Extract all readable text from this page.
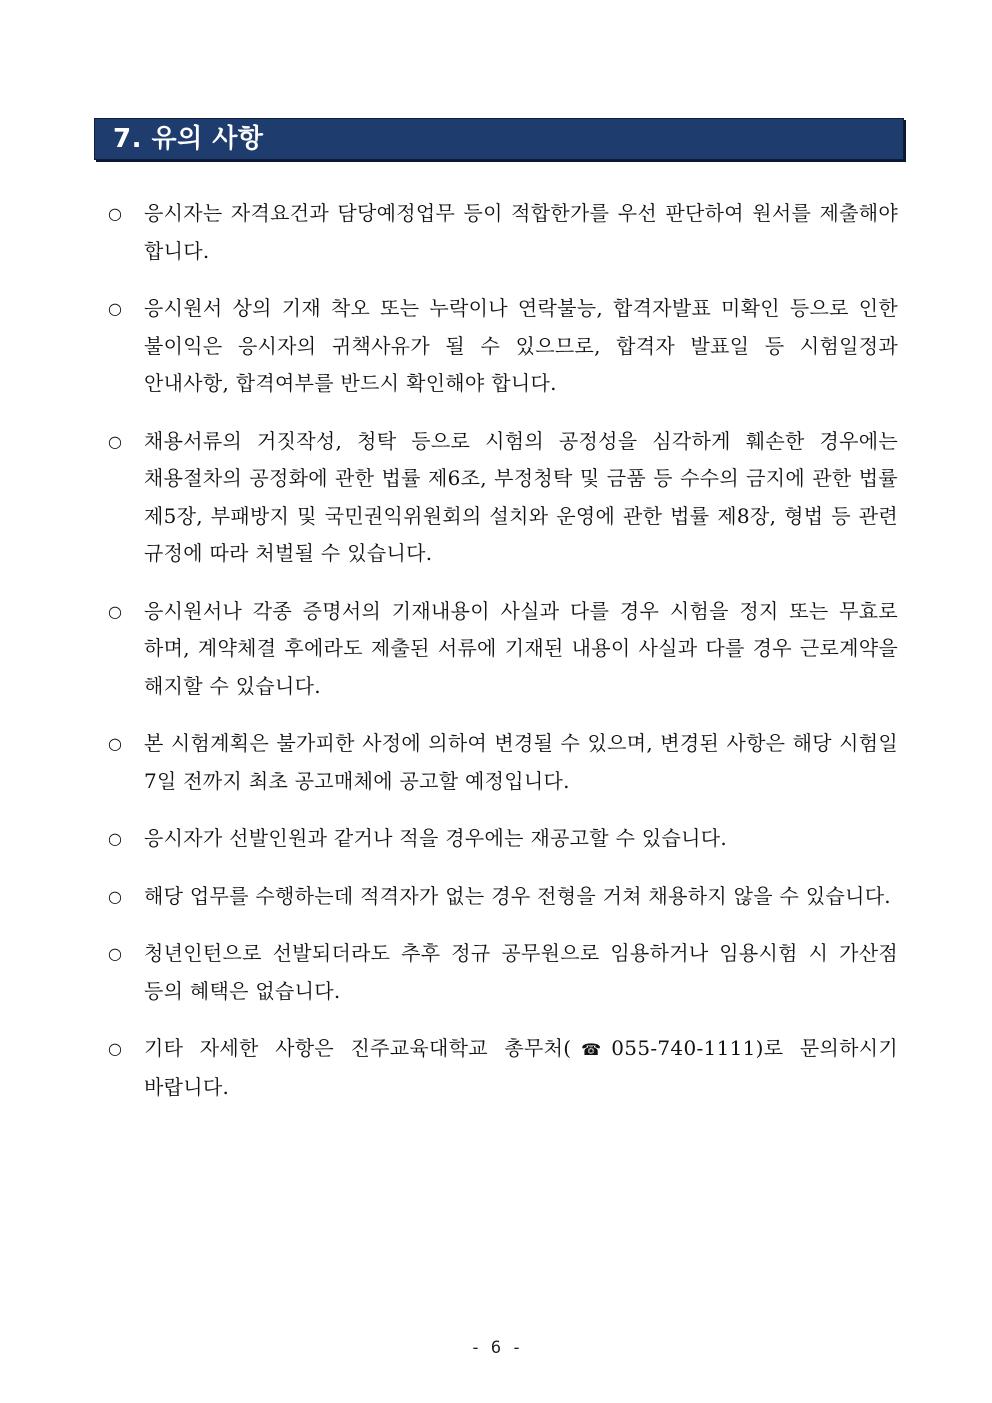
7. 유의 사항
○ 응시자는 자격요건과 담당예정업무 등이 적합한가를 우선 판단하여 원서를 제출해야 합니다.
○ 응시원서 상의 기재 착오 또는 누락이나 연락불능, 합격자발표 미확인 등으로 인한 불이익은 응시자의 귀책사유가 될 수 있으므로, 합격자 발표일 등 시험일정과 안내사항, 합격여부를 반드시 확인해야 합니다.
○ 채용서류의 거짓작성, 청탁 등으로 시험의 공정성을 심각하게 훼손한 경우에는 채용절차의 공정화에 관한 법률 제6조, 부정청탁 및 금품 등 수수의 금지에 관한 법률 제5장, 부패방지 및 국민권익위원회의 설치와 운영에 관한 법률 제8장, 형법 등 관련 규정에 따라 처벌될 수 있습니다.
○ 응시원서나 각종 증명서의 기재내용이 사실과 다를 경우 시험을 정지 또는 무효로 하며, 계약체결 후에라도 제출된 서류에 기재된 내용이 사실과 다를 경우 근로계약을 해지할 수 있습니다.
○ 본 시험계획은 불가피한 사정에 의하여 변경될 수 있으며, 변경된 사항은 해당 시험일 7일 전까지 최초 공고매체에 공고할 예정입니다.
○ 응시자가 선발인원과 같거나 적을 경우에는 재공고할 수 있습니다.
○ 해당 업무를 수행하는데 적격자가 없는 경우 전형을 거쳐 채용하지 않을 수 있습니다.
○ 청년인턴으로 선발되더라도 추후 정규 공무원으로 임용하거나 임용시험 시 가산점 등의 혜택은 없습니다.
○ 기타 자세한 사항은 진주교육대학교 총무처(☎055-740-1111)로 문의하시기 바랍니다.
- 6 -
